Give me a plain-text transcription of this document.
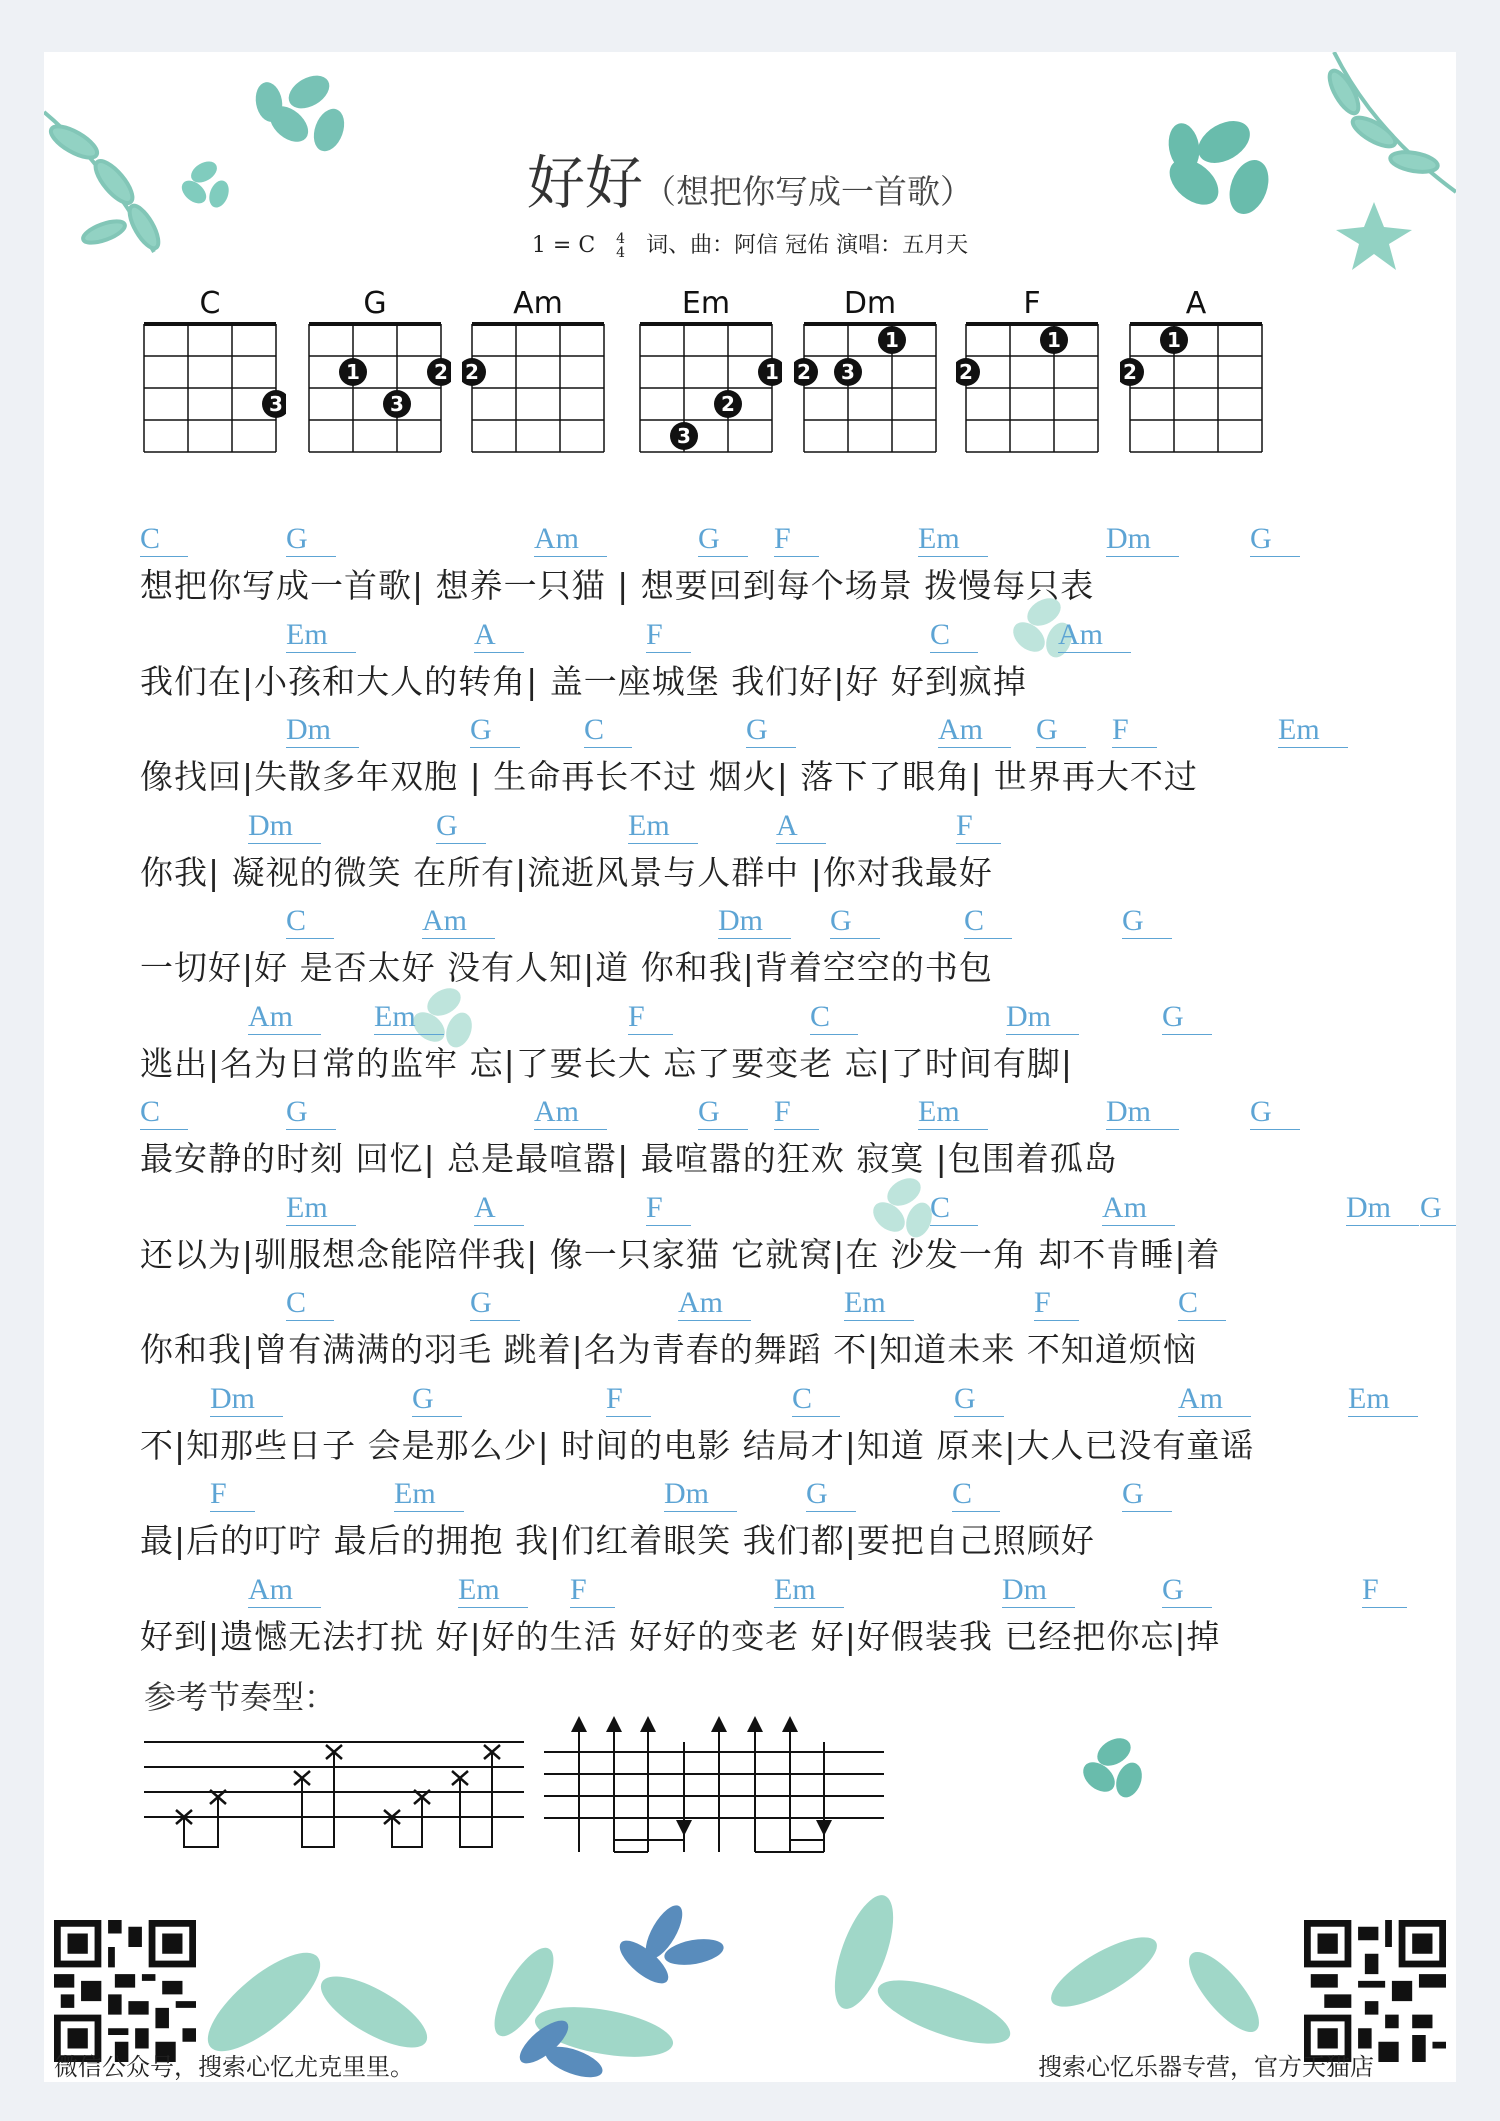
好好（想把你写成一首歌）
1 = C 4
4 词、曲：阿信 冠佑 演唱：五月天
C
3
G
1	2
3
Am
2
Em
1
2
3
Dm
1
2 3
F
1
2
A
1
2
C	G	Am	G	F	Em	Dm	G
想把你写成一首歌| 想养一只猫 | 想要回到每个场景 拨慢每只表
Em	A	F	C	Am
我们在|小孩和大人的转角| 盖一座城堡 我们好|好 好到疯掉
Dm	G	C	G	Am	G	F	Em
像找回|失散多年双胞 | 生命再长不过 烟火| 落下了眼角| 世界再大不过
Dm	G	Em	A	F
你我| 凝视的微笑 在所有|流逝风景与人群中 |你对我最好
C	Am	Dm	G	C	G
一切好|好 是否太好 没有人知|道 你和我|背着空空的书包
Am	Em	F	C	Dm	G
逃出|名为日常的监牢 忘|了要长大 忘了要变老 忘|了时间有脚|
C	G	Am	G	F	Em	Dm	G
最安静的时刻 回忆| 总是最喧嚣| 最喧嚣的狂欢 寂寞 |包围着孤岛
Em	A	F	C	Am	Dm G
还以为|驯服想念能陪伴我| 像一只家猫 它就窝|在 沙发一角 却不肯睡|着
C	G	Am	Em	F	C
你和我|曾有满满的羽毛 跳着|名为青春的舞蹈 不|知道未来 不知道烦恼
Dm	G	F	C	G	Am	Em
不|知那些日子 会是那么少| 时间的电影 结局才|知道 原来|大人已没有童谣
F	Em	Dm	G	C	G
最|后的叮咛 最后的拥抱 我|们红着眼笑 我们都|要把自己照顾好
Am	Em	F	Em	Dm	G	F
好到|遗憾无法打扰 好|好的生活 好好的变老 好|好假装我 已经把你忘|掉
参考节奏型：
微信公众号，搜索心忆尤克里里。	搜索心忆乐器专营，官方天猫店
